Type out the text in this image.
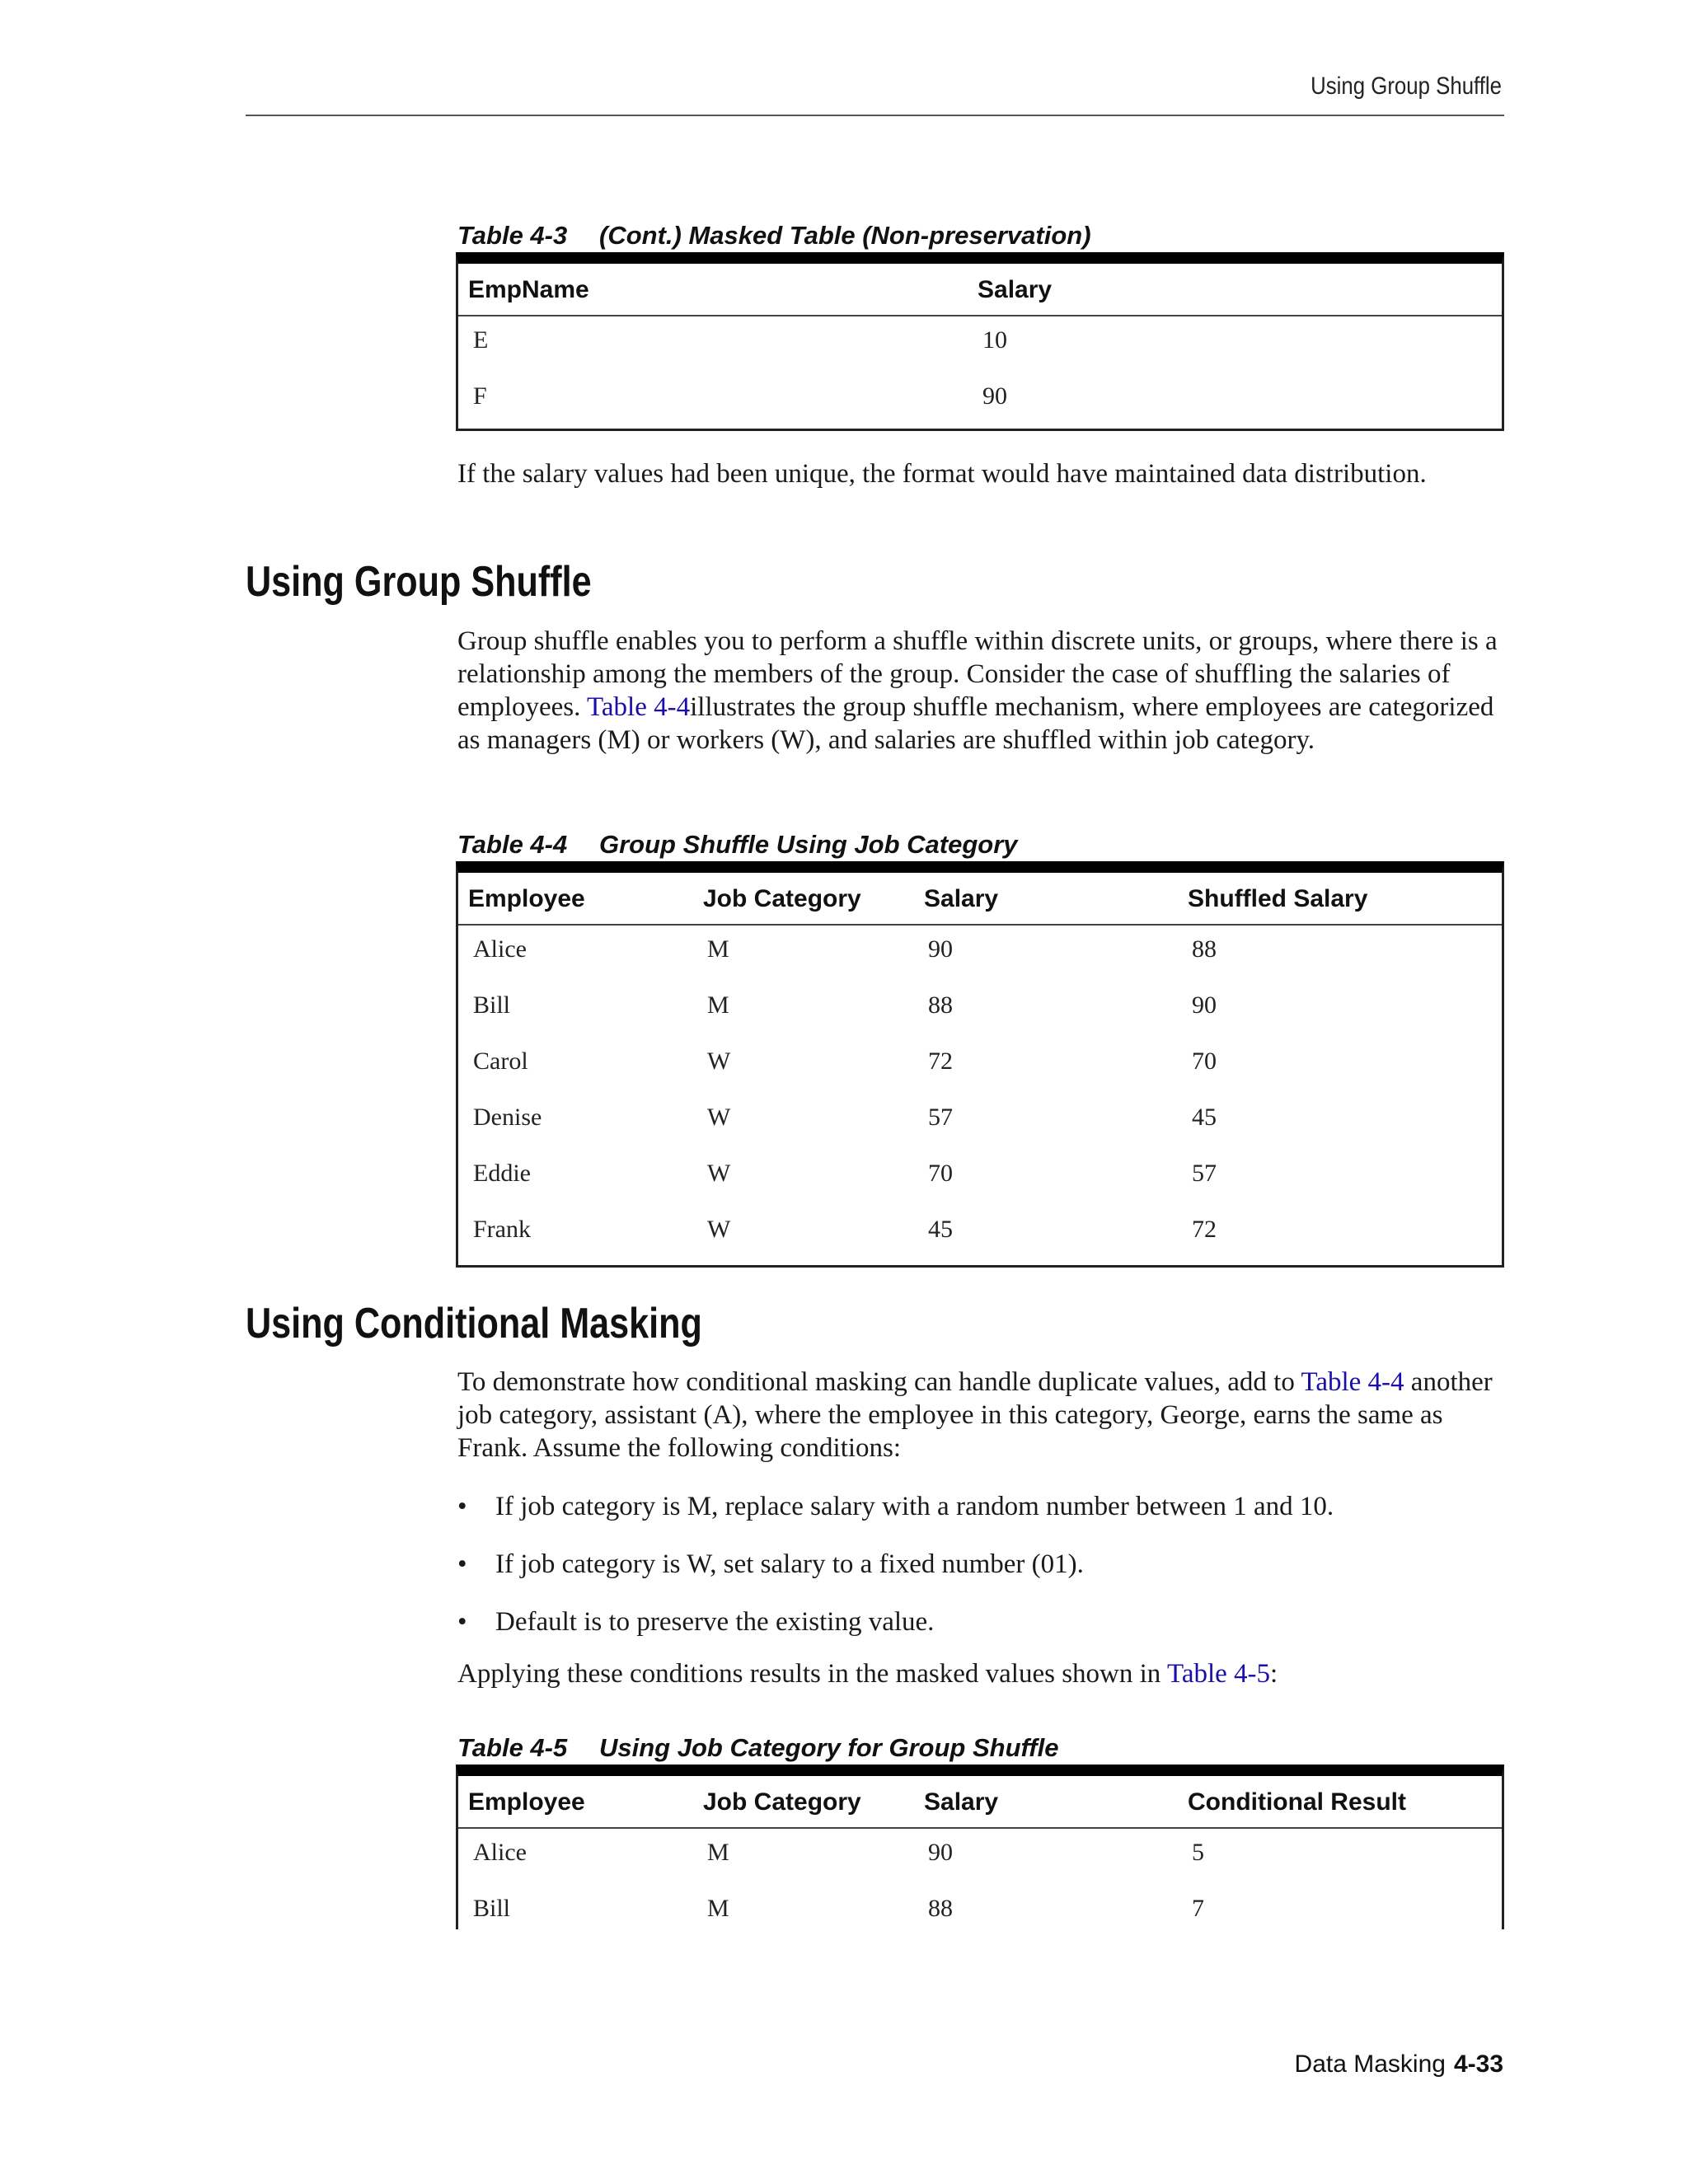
Using Group Shuffle
Table 4-3 (Cont.) Masked Table (Non-preservation)
EmpName	Salary
E	10
F	90

If the salary values had been unique, the format would have maintained data distribution.

Using Group Shuffle

Group shuffle enables you to perform a shuffle within discrete units, or groups, where there is a relationship among the members of the group. Consider the case of shuffling the salaries of employees. Table 4-4illustrates the group shuffle mechanism, where employees are categorized as managers (M) or workers (W), and salaries are shuffled within job category.

Table 4-4 Group Shuffle Using Job Category
Employee	Job Category	Salary	Shuffled Salary
Alice	M	90	88
Bill	M	88	90
Carol	W	72	70
Denise	W	57	45
Eddie	W	70	57
Frank	W	45	72
Using Conditional Masking

To demonstrate how conditional masking can handle duplicate values, add to Table 4-4 another job category, assistant (A), where the employee in this category, George, earns the same as Frank. Assume the following conditions:

• If job category is M, replace salary with a random number between 1 and 10.
• If job category is W, set salary to a fixed number (01).
• Default is to preserve the existing value.

Applying these conditions results in the masked values shown in Table 4-5:

Table 4-5 Using Job Category for Group Shuffle
Employee	Job Category	Salary	Conditional Result
Alice	M	90	5
Bill	M	88	7
Data Masking 4-33
